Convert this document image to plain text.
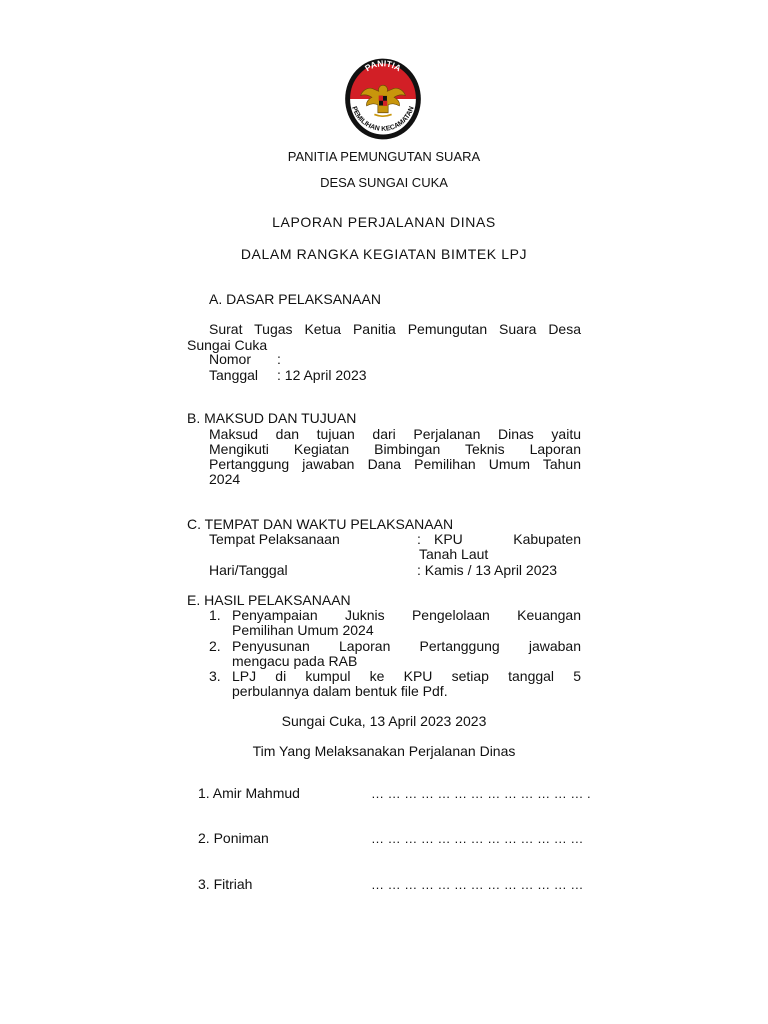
PANITIA
PEMILIHAN KECAMATAN
PANITIA PEMUNGUTAN SUARA
DESA SUNGAI CUKA
LAPORAN PERJALANAN DINAS
DALAM RANGKA KEGIATAN BIMTEK LPJ
A. DASAR PELAKSANAAN
Surat Tugas Ketua Panitia Pemungutan Suara Desa
Sungai Cuka
Nomor :
Tanggal : 12 April 2023
B. MAKSUD DAN TUJUAN
Maksud dan tujuan dari Perjalanan Dinas yaitu
Mengikuti Kegiatan Bimbingan Teknis Laporan
Pertanggung jawaban Dana Pemilihan Umum Tahun
2024
C. TEMPAT DAN WAKTU PELAKSANAAN
Tempat Pelaksanaan	: KPU Kabupaten
Tanah Laut
Hari/Tanggal	: Kamis / 13 April 2023
E. HASIL PELAKSANAAN
1. Penyampaian Juknis Pengelolaan Keuangan
Pemilihan Umum 2024
2. Penyusunan Laporan Pertanggung jawaban
mengacu pada RAB
3. LPJ di kumpul ke KPU setiap tanggal 5
perbulannya dalam bentuk file Pdf.
Sungai Cuka, 13 April 2023 2023
Tim Yang Melaksanakan Perjalanan Dinas
1. Amir Mahmud	… … … … … … … … … … … … … .
2. Poniman	… … … … … … … … … … … … …
3. Fitriah	… … … … … … … … … … … … …
